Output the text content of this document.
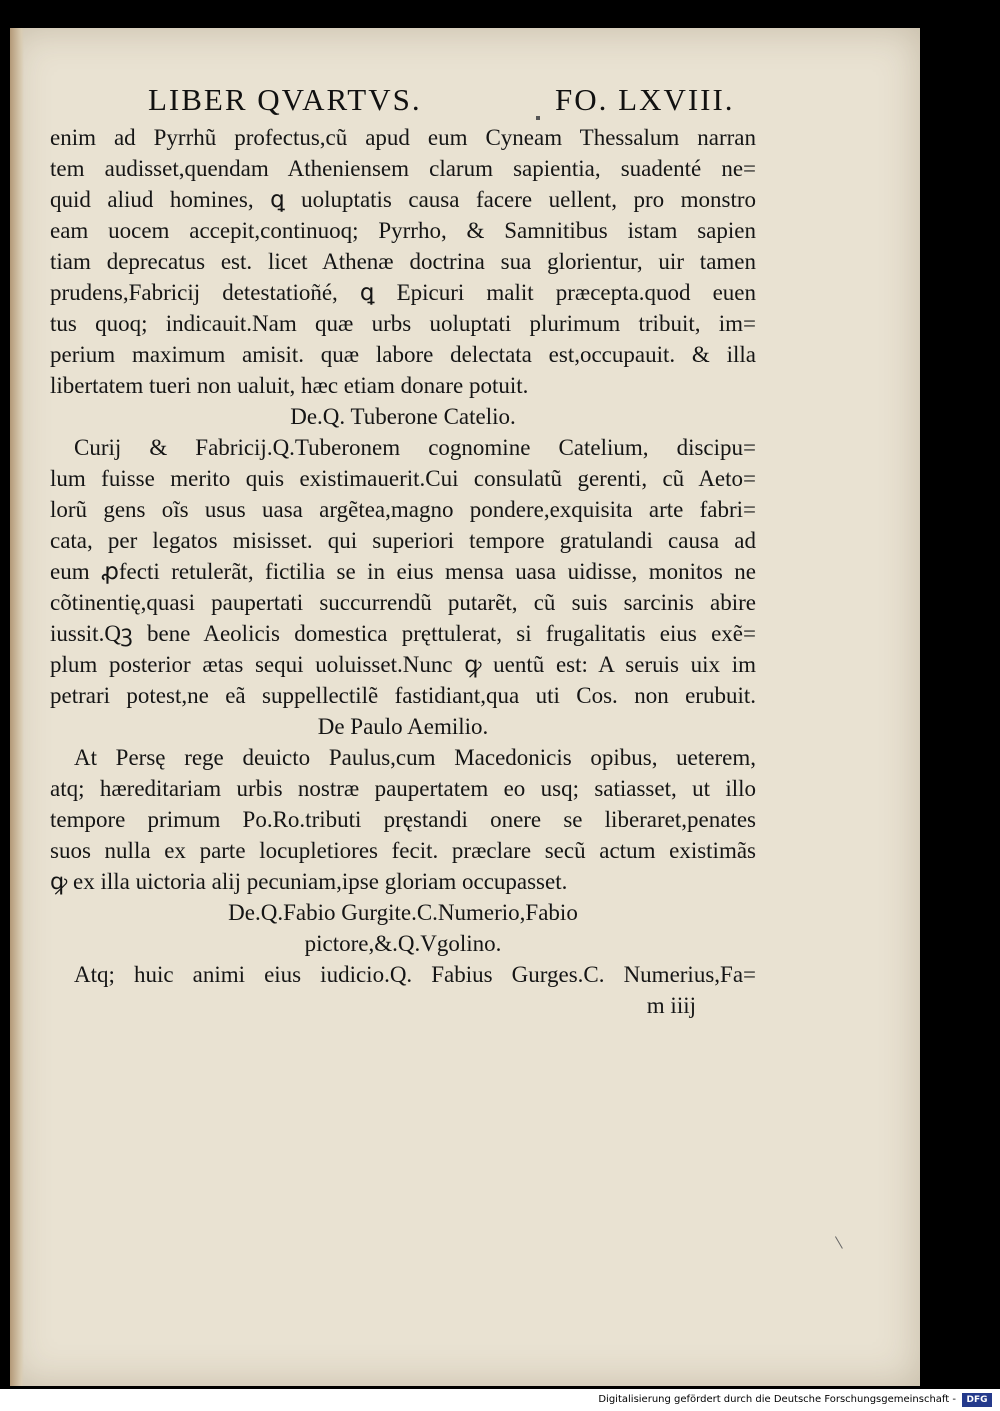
LIBER QVARTVS.	FO. LXVIII.
enim ad Pyrrhũ profectus,cũ apud eum Cyneam Thessalum narran
tem audisset,quendam Atheniensem clarum sapientia, suadenté ne=
quid aliud homines, ꝗ uoluptatis causa facere uellent, pro monstro
eam uocem accepit,continuoq; Pyrrho, & Samnitibus istam sapien
tiam deprecatus est. licet Athenæ doctrina sua glorientur, uir tamen
prudens,Fabricij detestatioñé, ꝗ Epicuri malit præcepta.quod euen
tus quoq; indicauit.Nam quæ urbs uoluptati plurimum tribuit, im=
perium maximum amisit. quæ labore delectata est,occupauit. & illa
libertatem tueri non ualuit, hæc etiam donare potuit.
De.Q. Tuberone Catelio.
Curij & Fabricij.Q.Tuberonem cognomine Catelium, discipu=
lum fuisse merito quis existimauerit.Cui consulatũ gerenti, cũ Aeto=
lorũ gens oĩs usus uasa argẽtea,magno pondere,exquisita arte fabri=
cata, per legatos misisset. qui superiori tempore gratulandi causa ad
eum ꝓfecti retulerãt, fictilia se in eius mensa uasa uidisse, monitos ne
cõtinentię,quasi paupertati succurrendũ putarẽt, cũ suis sarcinis abire
iussit.Qꝫ bene Aeolicis domestica pręttulerat, si frugalitatis eius exẽ=
plum posterior ætas sequi uoluisset.Nunc ꝙ uentũ est: A seruis uix im
petrari potest,ne eã suppellectilẽ fastidiant,qua uti Cos. non erubuit.
De Paulo Aemilio.
At Persę rege deuicto Paulus,cum Macedonicis opibus, ueterem,
atq; hæreditariam urbis nostræ paupertatem eo usq; satiasset, ut illo
tempore primum Po.Ro.tributi pręstandi onere se liberaret,penates
suos nulla ex parte locupletiores fecit. præclare secũ actum existimãs
ꝙ ex illa uictoria alij pecuniam,ipse gloriam occupasset.
De.Q.Fabio Gurgite.C.Numerio,Fabio
pictore,&.Q.Vgolino.
Atq; huic animi eius iudicio.Q. Fabius Gurges.C. Numerius,Fa=
m iiij
Digitalisierung gefördert durch die Deutsche Forschungsgemeinschaft -	DFG
